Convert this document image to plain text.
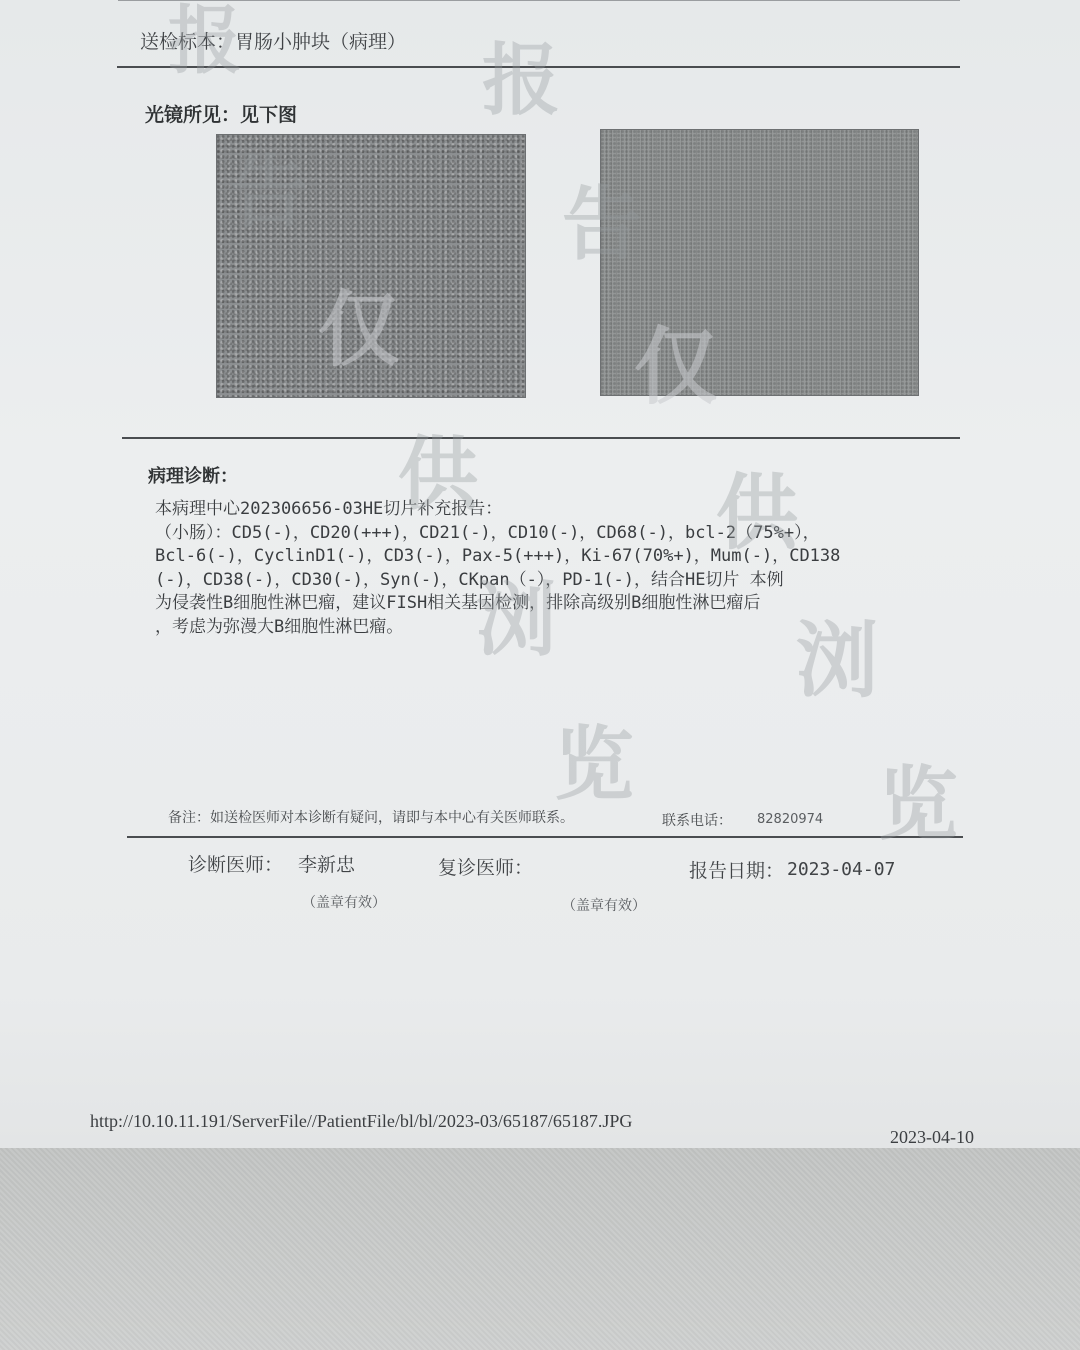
送检标本：胃肠小肿块（病理）
光镜所见：见下图
病理诊断：
本病理中心202306656-03HE切片补充报告：
（小肠）：CD5(-)，CD20(+++)，CD21(-)，CD10(-)，CD68(-)，bcl-2（75%+），
Bcl-6(-)，CyclinD1(-)，CD3(-)，Pax-5(+++)，Ki-67(70%+)，Mum(-)，CD138
(-)，CD38(-)，CD30(-)，Syn(-)，CKpan（-），PD-1(-)，结合HE切片 本例
为侵袭性B细胞性淋巴瘤，建议FISH相关基因检测，排除高级别B细胞性淋巴瘤后
，考虑为弥漫大B细胞性淋巴瘤。
备注：如送检医师对本诊断有疑问，请即与本中心有关医师联系。	联系电话： 82820974
诊断医师： 李新忠	复诊医师：	报告日期： 2023-04-07
（盖章有效）	（盖章有效）
http://10.10.11.191/ServerFile//PatientFile/bl/bl/2023-03/65187/65187.JPG
2023-04-10
报	报
告	告
仅	仅
供	供
浏	浏
览	览
